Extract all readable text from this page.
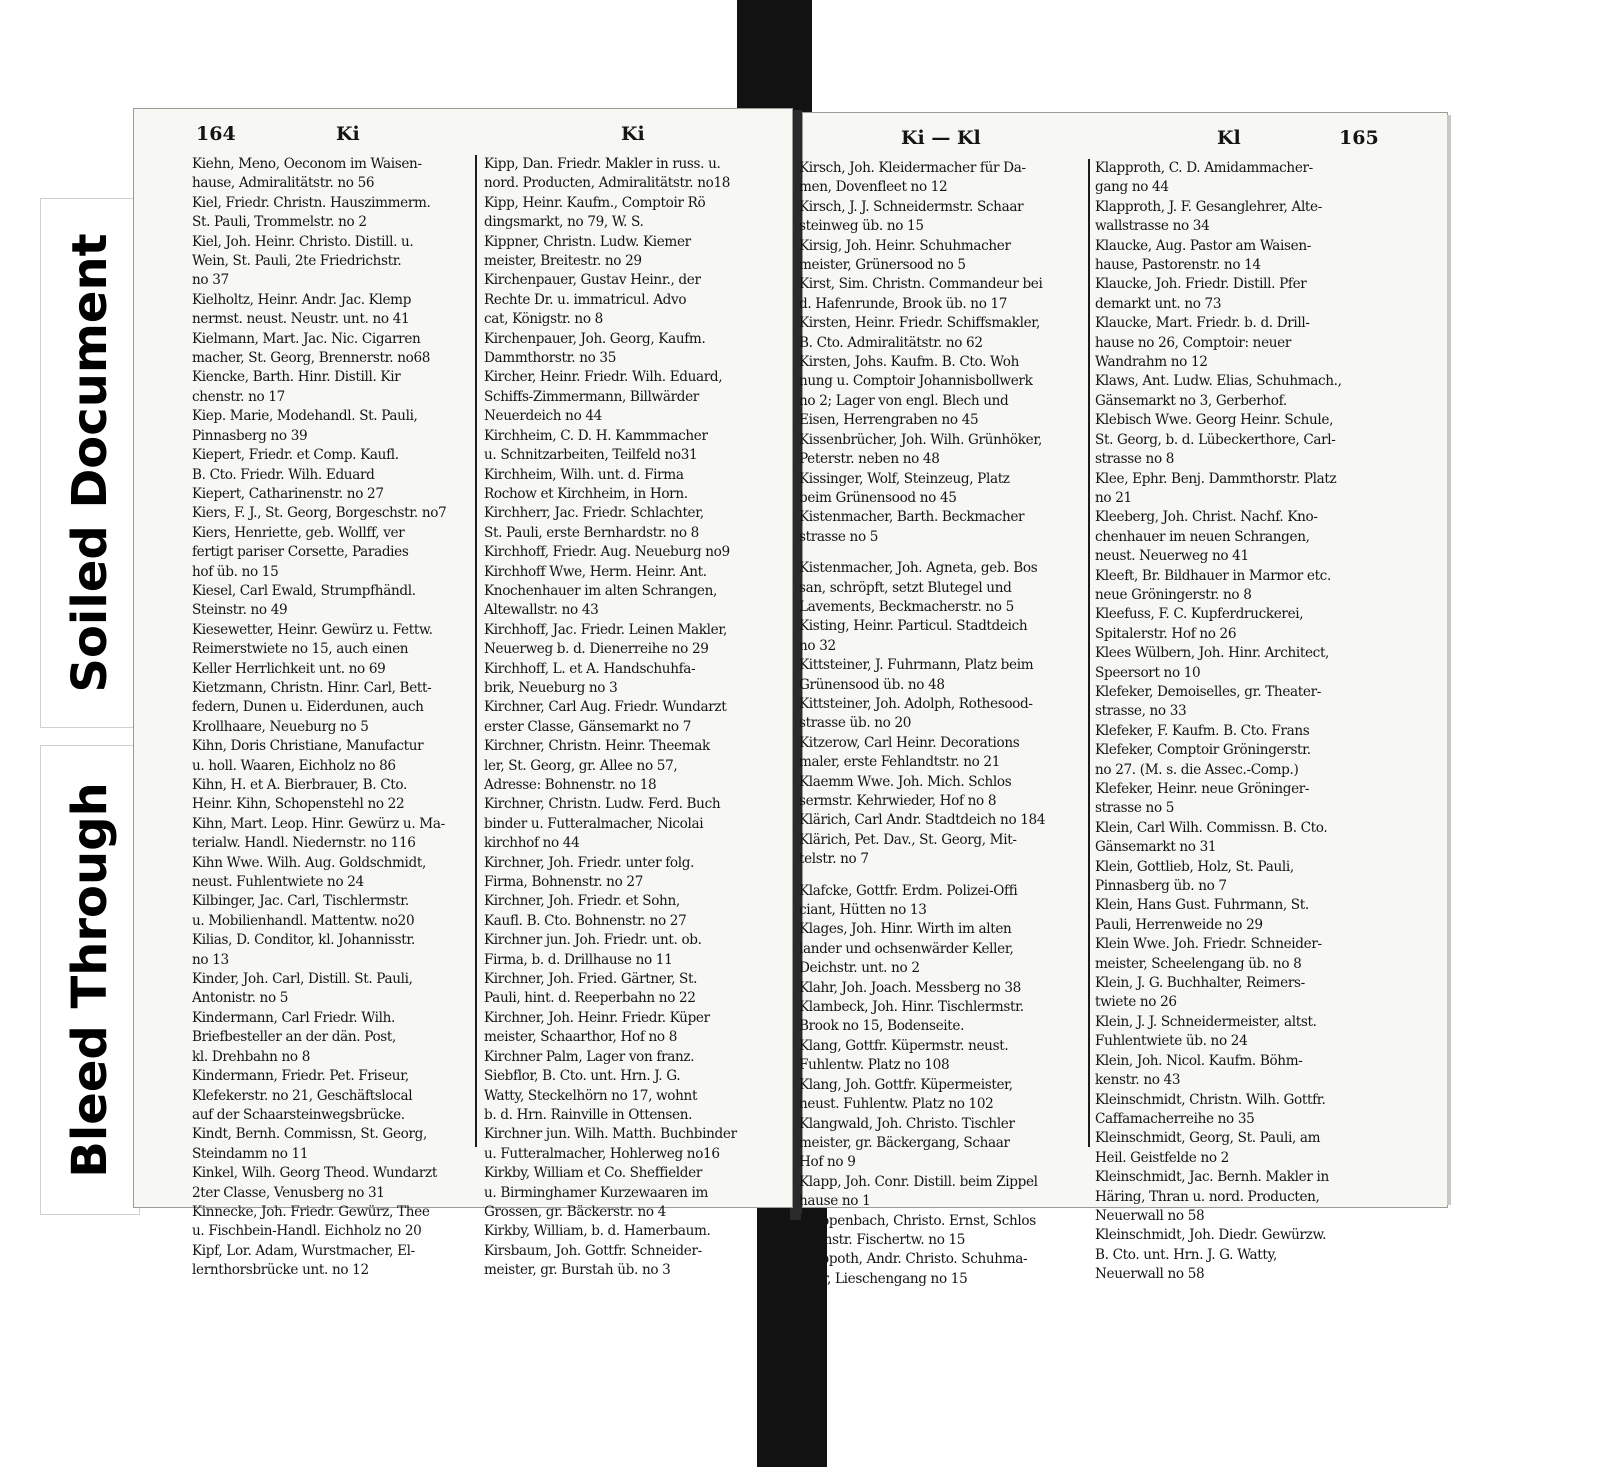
Soiled Document
Bleed Through
164	Ki	Ki
Kiehn, Meno, Oeconom im Waisen-
hause, Admiralitätstr. no 56
Kiel, Friedr. Christn. Hauszimmerm.
St. Pauli, Trommelstr. no 2
Kiel, Joh. Heinr. Christo. Distill. u.
Wein, St. Pauli, 2te Friedrichstr.
no 37
Kielholtz, Heinr. Andr. Jac. Klemp
nermst. neust. Neustr. unt. no 41
Kielmann, Mart. Jac. Nic. Cigarren
macher, St. Georg, Brennerstr. no68
Kiencke, Barth. Hinr. Distill. Kir
chenstr. no 17
Kiep. Marie, Modehandl. St. Pauli,
Pinnasberg no 39
Kiepert, Friedr. et Comp. Kaufl.
B. Cto. Friedr. Wilh. Eduard
Kiepert, Catharinenstr. no 27
Kiers, F. J., St. Georg, Borgeschstr. no7
Kiers, Henriette, geb. Wollff, ver
fertigt pariser Corsette, Paradies
hof üb. no 15
Kiesel, Carl Ewald, Strumpfhändl.
Steinstr. no 49
Kiesewetter, Heinr. Gewürz u. Fettw.
Reimerstwiete no 15, auch einen
Keller Herrlichkeit unt. no 69
Kietzmann, Christn. Hinr. Carl, Bett-
federn, Dunen u. Eiderdunen, auch
Krollhaare, Neueburg no 5
Kihn, Doris Christiane, Manufactur
u. holl. Waaren, Eichholz no 86
Kihn, H. et A. Bierbrauer, B. Cto.
Heinr. Kihn, Schopenstehl no 22
Kihn, Mart. Leop. Hinr. Gewürz u. Ma-
terialw. Handl. Niedernstr. no 116
Kihn Wwe. Wilh. Aug. Goldschmidt,
neust. Fuhlentwiete no 24
Kilbinger, Jac. Carl, Tischlermstr.
u. Mobilienhandl. Mattentw. no20
Kilias, D. Conditor, kl. Johannisstr.
no 13
Kinder, Joh. Carl, Distill. St. Pauli,
Antonistr. no 5
Kindermann, Carl Friedr. Wilh.
Briefbesteller an der dän. Post,
kl. Drehbahn no 8
Kindermann, Friedr. Pet. Friseur,
Klefekerstr. no 21, Geschäftslocal
auf der Schaarsteinwegsbrücke.
Kindt, Bernh. Commissn, St. Georg,
Steindamm no 11
Kinkel, Wilh. Georg Theod. Wundarzt
2ter Classe, Venusberg no 31
Kinnecke, Joh. Friedr. Gewürz, Thee
u. Fischbein-Handl. Eichholz no 20
Kipf, Lor. Adam, Wurstmacher, El-
lernthorsbrücke unt. no 12
Kipp, Dan. Friedr. Makler in russ. u.
nord. Producten, Admiralitätstr. no18
Kipp, Heinr. Kaufm., Comptoir Rö
dingsmarkt, no 79, W. S.
Kippner, Christn. Ludw. Kiemer
meister, Breitestr. no 29
Kirchenpauer, Gustav Heinr., der
Rechte Dr. u. immatricul. Advo
cat, Königstr. no 8
Kirchenpauer, Joh. Georg, Kaufm.
Dammthorstr. no 35
Kircher, Heinr. Friedr. Wilh. Eduard,
Schiffs-Zimmermann, Billwärder
Neuerdeich no 44
Kirchheim, C. D. H. Kammmacher
u. Schnitzarbeiten, Teilfeld no31
Kirchheim, Wilh. unt. d. Firma
Rochow et Kirchheim, in Horn.
Kirchherr, Jac. Friedr. Schlachter,
St. Pauli, erste Bernhardstr. no 8
Kirchhoff, Friedr. Aug. Neueburg no9
Kirchhoff Wwe, Herm. Heinr. Ant.
Knochenhauer im alten Schrangen,
Altewallstr. no 43
Kirchhoff, Jac. Friedr. Leinen Makler,
Neuerweg b. d. Dienerreihe no 29
Kirchhoff, L. et A. Handschuhfa-
brik, Neueburg no 3
Kirchner, Carl Aug. Friedr. Wundarzt
erster Classe, Gänsemarkt no 7
Kirchner, Christn. Heinr. Theemak
ler, St. Georg, gr. Allee no 57,
Adresse: Bohnenstr. no 18
Kirchner, Christn. Ludw. Ferd. Buch
binder u. Futteralmacher, Nicolai
kirchhof no 44
Kirchner, Joh. Friedr. unter folg.
Firma, Bohnenstr. no 27
Kirchner, Joh. Friedr. et Sohn,
Kaufl. B. Cto. Bohnenstr. no 27
Kirchner jun. Joh. Friedr. unt. ob.
Firma, b. d. Drillhause no 11
Kirchner, Joh. Fried. Gärtner, St.
Pauli, hint. d. Reeperbahn no 22
Kirchner, Joh. Heinr. Friedr. Küper
meister, Schaarthor, Hof no 8
Kirchner Palm, Lager von franz.
Siebflor, B. Cto. unt. Hrn. J. G.
Watty, Steckelhörn no 17, wohnt
b. d. Hrn. Rainville in Ottensen.
Kirchner jun. Wilh. Matth. Buchbinder
u. Futteralmacher, Hohlerweg no16
Kirkby, William et Co. Sheffielder
u. Birminghamer Kurzewaaren im
Grossen, gr. Bäckerstr. no 4
Kirkby, William, b. d. Hamerbaum.
Kirsbaum, Joh. Gottfr. Schneider-
meister, gr. Burstah üb. no 3
Ki — Kl	Kl	165
Kirsch, Joh. Kleidermacher für Da-
men, Dovenfleet no 12
Kirsch, J. J. Schneidermstr. Schaar
steinweg üb. no 15
Kirsig, Joh. Heinr. Schuhmacher
meister, Grünersood no 5
Kirst, Sim. Christn. Commandeur bei
d. Hafenrunde, Brook üb. no 17
Kirsten, Heinr. Friedr. Schiffsmakler,
B. Cto. Admiralitätstr. no 62
Kirsten, Johs. Kaufm. B. Cto. Woh
nung u. Comptoir Johannisbollwerk
no 2; Lager von engl. Blech und
Eisen, Herrengraben no 45
Kissenbrücher, Joh. Wilh. Grünhöker,
Peterstr. neben no 48
Kissinger, Wolf, Steinzeug, Platz
beim Grünensood no 45
Kistenmacher, Barth. Beckmacher
strasse no 5
Kistenmacher, Joh. Agneta, geb. Bos
san, schröpft, setzt Blutegel und
Lavements, Beckmacherstr. no 5
Kisting, Heinr. Particul. Stadtdeich
no 32
Kittsteiner, J. Fuhrmann, Platz beim
Grünensood üb. no 48
Kittsteiner, Joh. Adolph, Rothesood-
strasse üb. no 20
Kitzerow, Carl Heinr. Decorations
maler, erste Fehlandtstr. no 21
Klaemm Wwe. Joh. Mich. Schlos
sermstr. Kehrwieder, Hof no 8
Klärich, Carl Andr. Stadtdeich no 184
Klärich, Pet. Dav., St. Georg, Mit-
telstr. no 7
Klafcke, Gottfr. Erdm. Polizei-Offi
ciant, Hütten no 13
Klages, Joh. Hinr. Wirth im alten
lander und ochsenwärder Keller,
Deichstr. unt. no 2
Klahr, Joh. Joach. Messberg no 38
Klambeck, Joh. Hinr. Tischlermstr.
Brook no 15, Bodenseite.
Klang, Gottfr. Küpermstr. neust.
Fuhlentw. Platz no 108
Klang, Joh. Gottfr. Küpermeister,
neust. Fuhlentw. Platz no 102
Klangwald, Joh. Christo. Tischler
meister, gr. Bäckergang, Schaar
Hof no 9
Klapp, Joh. Conr. Distill. beim Zippel
hause no 1
Klappenbach, Christo. Ernst, Schlos
sermstr. Fischertw. no 15
Klappoth, Andr. Christo. Schuhma-
cher, Lieschengang no 15
Klapproth, C. D. Amidammacher-
gang no 44
Klapproth, J. F. Gesanglehrer, Alte-
wallstrasse no 34
Klaucke, Aug. Pastor am Waisen-
hause, Pastorenstr. no 14
Klaucke, Joh. Friedr. Distill. Pfer
demarkt unt. no 73
Klaucke, Mart. Friedr. b. d. Drill-
hause no 26, Comptoir: neuer
Wandrahm no 12
Klaws, Ant. Ludw. Elias, Schuhmach.,
Gänsemarkt no 3, Gerberhof.
Klebisch Wwe. Georg Heinr. Schule,
St. Georg, b. d. Lübeckerthore, Carl-
strasse no 8
Klee, Ephr. Benj. Dammthorstr. Platz
no 21
Kleeberg, Joh. Christ. Nachf. Kno-
chenhauer im neuen Schrangen,
neust. Neuerweg no 41
Kleeft, Br. Bildhauer in Marmor etc.
neue Gröningerstr. no 8
Kleefuss, F. C. Kupferdruckerei,
Spitalerstr. Hof no 26
Klees Wülbern, Joh. Hinr. Architect,
Speersort no 10
Klefeker, Demoiselles, gr. Theater-
strasse, no 33
Klefeker, F. Kaufm. B. Cto. Frans
Klefeker, Comptoir Gröningerstr.
no 27. (M. s. die Assec.-Comp.)
Klefeker, Heinr. neue Gröninger-
strasse no 5
Klein, Carl Wilh. Commissn. B. Cto.
Gänsemarkt no 31
Klein, Gottlieb, Holz, St. Pauli,
Pinnasberg üb. no 7
Klein, Hans Gust. Fuhrmann, St.
Pauli, Herrenweide no 29
Klein Wwe. Joh. Friedr. Schneider-
meister, Scheelengang üb. no 8
Klein, J. G. Buchhalter, Reimers-
twiete no 26
Klein, J. J. Schneidermeister, altst.
Fuhlentwiete üb. no 24
Klein, Joh. Nicol. Kaufm. Böhm-
kenstr. no 43
Kleinschmidt, Christn. Wilh. Gottfr.
Caffamacherreihe no 35
Kleinschmidt, Georg, St. Pauli, am
Heil. Geistfelde no 2
Kleinschmidt, Jac. Bernh. Makler in
Häring, Thran u. nord. Producten,
Neuerwall no 58
Kleinschmidt, Joh. Diedr. Gewürzw.
B. Cto. unt. Hrn. J. G. Watty,
Neuerwall no 58
